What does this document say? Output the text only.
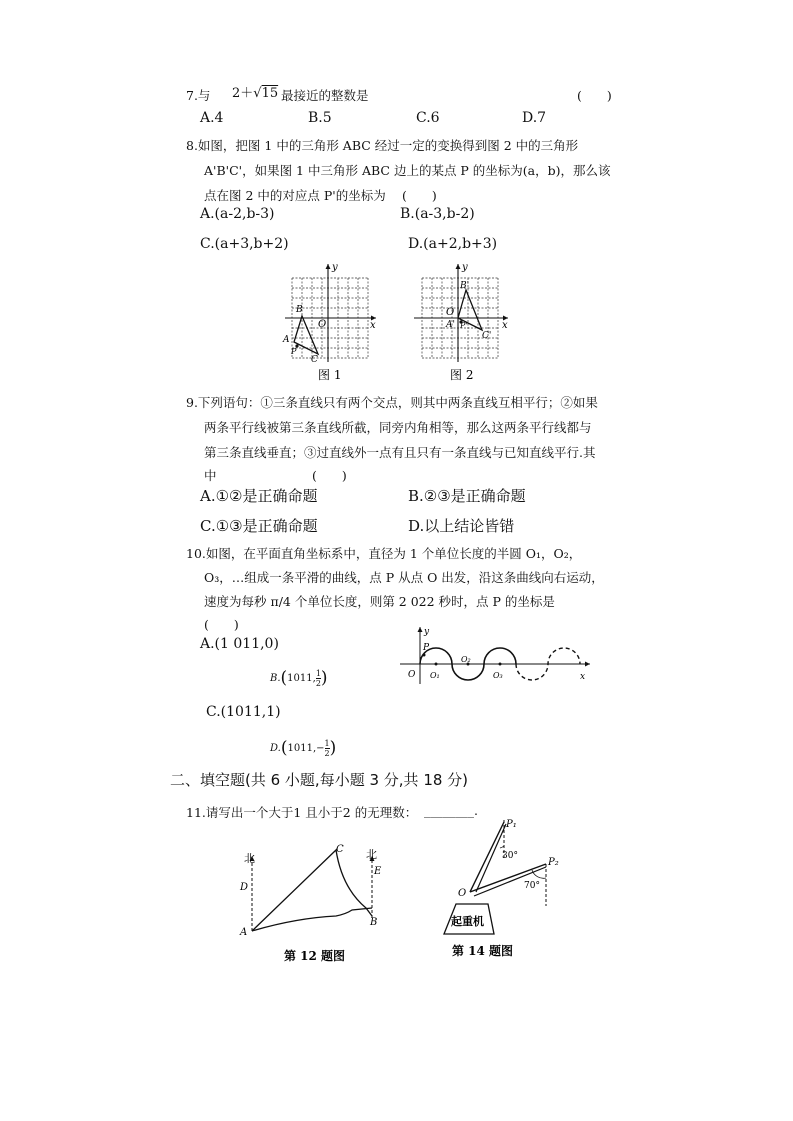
7.与 2＋√15 最接近的整数是	(　　)
A.4	B.5	C.6	D.7
8.如图，把图 1 中的三角形 ABC 经过一定的变换得到图 2 中的三角形
A'B'C'，如果图 1 中三角形 ABC 边上的某点 P 的坐标为(a，b)，那么该
点在图 2 中的对应点 P'的坐标为 (　　)
A.(a-2,b-3)	B.(a-3,b-2)
C.(a+3,b+2)	D.(a+2,b+3)
y
x
O
B
A
P
C
图 1
y
x
O
B'
A' P'
C'
图 2
9.下列语句：①三条直线只有两个交点，则其中两条直线互相平行；②如果
两条平行线被第三条直线所截，同旁内角相等，那么这两条平行线都与
第三条直线垂直；③过直线外一点有且只有一条直线与已知直线平行.其
中	(　　)
A.①②是正确命题	B.②③是正确命题
C.①③是正确命题	D.以上结论皆错
10.如图，在平面直角坐标系中，直径为 1 个单位长度的半圆 O₁，O₂，
O₃，…组成一条平滑的曲线，点 P 从点 O 出发，沿这条曲线向右运动，
速度为每秒 π/4 个单位长度，则第 2 022 秒时，点 P 的坐标是
(　　)
A.(1 011,0)
B. ( 1011 , $\frac{1}{2}$ )
C.(1011,1)
D. ( 1011 , − $\frac{1}{2}$ )
y
x
P
O O₁
O₂
O₃
二、填空题(共 6 小题,每小题 3 分,共 18 分)
11.请写出一个大于1 且小于2 的无理数： ________.
北	北
D
E
A
B
C
第 12 题图
P₁
P₂
O
30°
70°
起重机
第 14 题图
